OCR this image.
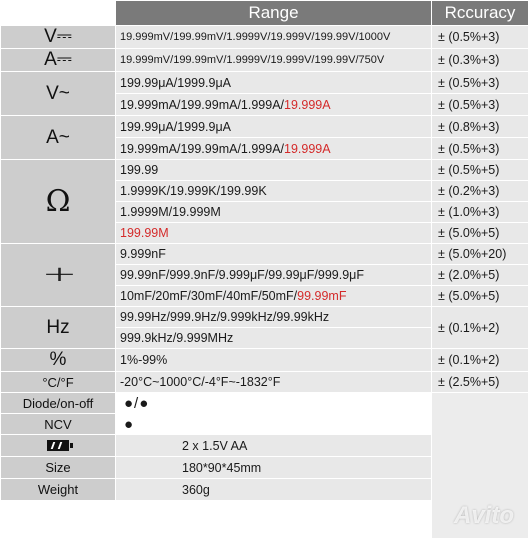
	Range	Rccuracy
V⎓	19.999mV/199.99mV/1.9999V/19.999V/199.99V/1000V	± (0.5%+3)
A⎓	19.999mV/199.99mV/1.9999V/19.999V/199.99V/750V	± (0.3%+3)
V~	199.99μA/1999.9μA	± (0.5%+3)
	19.999mA/199.99mA/1.999A/19.999A	± (0.5%+3)
A~	199.99μA/1999.9μA	± (0.8%+3)
	19.999mA/199.99mA/1.999A/19.999A	± (0.5%+3)
Ω	199.99	± (0.5%+5)
	1.9999K/19.999K/199.99K	± (0.2%+3)
	1.9999M/19.999M	± (1.0%+3)
	199.99M	± (5.0%+5)
⊣⊢	9.999nF	± (5.0%+20)
	99.99nF/999.9nF/9.999μF/99.99μF/999.9μF	± (2.0%+5)
	10mF/20mF/30mF/40mF/50mF/99.99mF	± (5.0%+5)
Hz	99.99Hz/999.9Hz/9.999kHz/99.99kHz	± (0.1%+2)
	999.9kHz/9.999MHz	
%	1%-99%	± (0.1%+2)
°C/°F	-20°C~1000°C/-4°F~-1832°F	± (2.5%+5)
Diode/on-off	●/●	
NCV	●	

	2 x 1.5V AA	
Size	180*90*45mm	
Weight	360g	

Avito
